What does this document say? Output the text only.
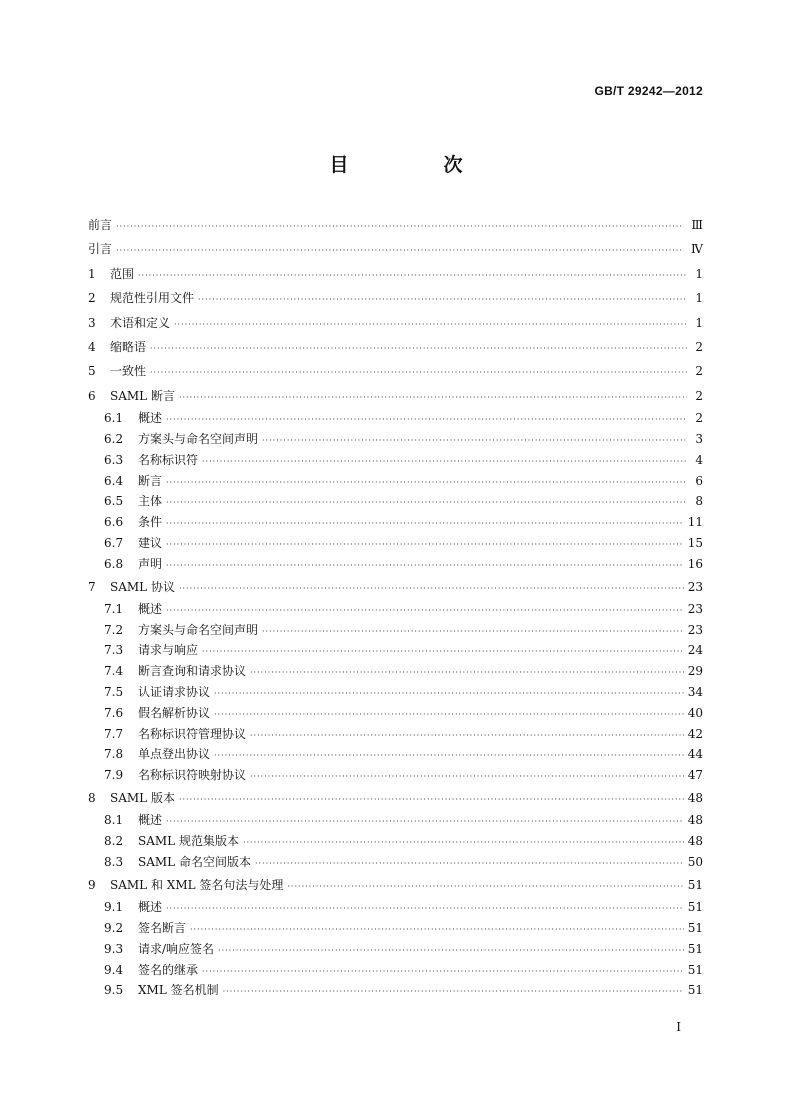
GB/T 29242—2012
目　次
前言 ·····	Ⅲ
引言 ·····	Ⅳ
1	范围 ·····	1
2	规范性引用文件 ·····	1
3	术语和定义 ·····	1
4	缩略语 ·····	2
5	一致性 ·····	2
6	SAML 断言 ·····	2
6.1	概述 ·····	2
6.2	方案头与命名空间声明 ·····	3
6.3	名称标识符 ·····	4
6.4	断言 ·····	6
6.5	主体 ·····	8
6.6	条件 ·····	11
6.7	建议 ·····	15
6.8	声明 ·····	16
7	SAML 协议 ·····	23
7.1	概述 ·····	23
7.2	方案头与命名空间声明 ·····	23
7.3	请求与响应 ·····	24
7.4	断言查询和请求协议 ·····	29
7.5	认证请求协议 ·····	34
7.6	假名解析协议 ·····	40
7.7	名称标识符管理协议 ·····	42
7.8	单点登出协议 ·····	44
7.9	名称标识符映射协议 ·····	47
8	SAML 版本 ·····	48
8.1	概述 ·····	48
8.2	SAML 规范集版本 ·····	48
8.3	SAML 命名空间版本 ·····	50
9	SAML 和 XML 签名句法与处理 ·····	51
9.1	概述 ·····	51
9.2	签名断言 ·····	51
9.3	请求/响应签名 ·····	51
9.4	签名的继承 ·····	51
9.5	XML 签名机制 ·····	51
I
